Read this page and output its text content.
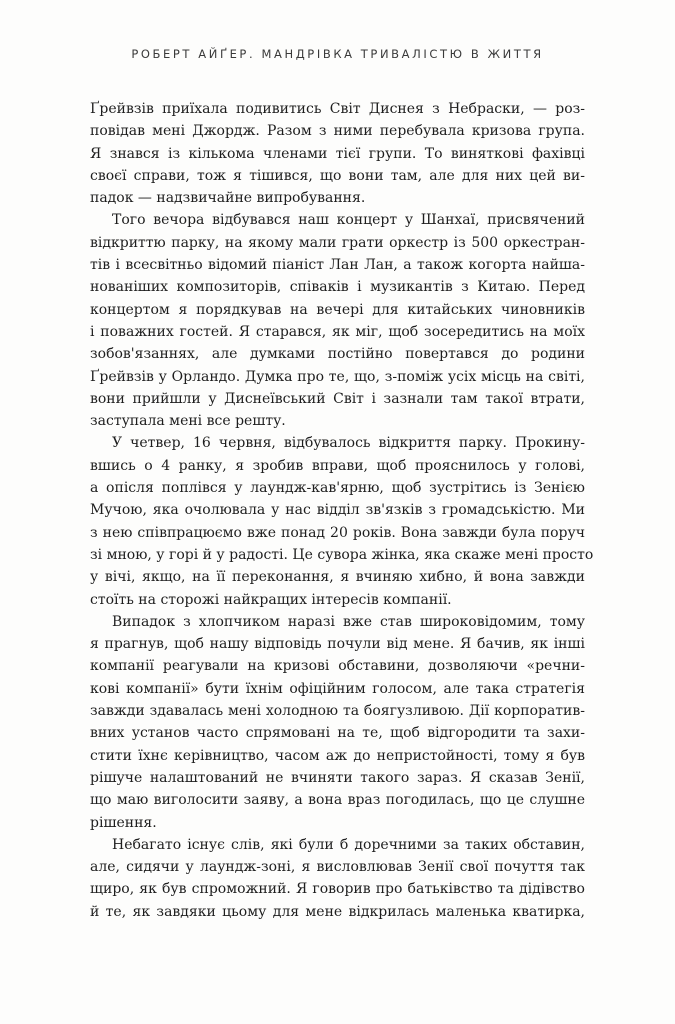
РОБЕРТ АЙҐЕР. МАНДРІВКА ТРИВАЛІСТЮ В ЖИТТЯ
Ґрейвзів приїхала подивитись Світ Диснея з Небраски, — роз-
повідав мені Джордж. Разом з ними перебувала кризова група.
Я знався із кількома членами тієї групи. То виняткові фахівці
своєї справи, тож я тішився, що вони там, але для них цей ви-
падок — надзвичайне випробування.
Того вечора відбувався наш концерт у Шанхаї, присвячений
відкриттю парку, на якому мали грати оркестр із 500 оркестран-
тів і всесвітньо відомий піаніст Лан Лан, а також когорта найша-
нованіших композиторів, співаків і музикантів з Китаю. Перед
концертом я порядкував на вечері для китайських чиновників
і поважних гостей. Я старався, як міг, щоб зосередитись на моїх
зобов'язаннях, але думками постійно повертався до родини
Ґрейвзів у Орландо. Думка про те, що, з-поміж усіх місць на світі,
вони прийшли у Диснеївський Світ і зазнали там такої втрати,
заступала мені все решту.
У четвер, 16 червня, відбувалось відкриття парку. Прокину-
вшись о 4 ранку, я зробив вправи, щоб прояснилось у голові,
а опісля поплівся у лаундж-кав'ярню, щоб зустрітись із Зенією
Мучою, яка очолювала у нас відділ зв'язків з громадськістю. Ми
з нею співпрацюємо вже понад 20 років. Вона завжди була поруч
зі мною, у горі й у радості. Це сувора жінка, яка скаже мені просто
у вічі, якщо, на її переконання, я вчиняю хибно, й вона завжди
стоїть на сторожі найкращих інтересів компанії.
Випадок з хлопчиком наразі вже став широковідомим, тому
я прагнув, щоб нашу відповідь почули від мене. Я бачив, як інші
компанії реагували на кризові обставини, дозволяючи «речни-
кові компанії» бути їхнім офіційним голосом, але така стратегія
завжди здавалась мені холодною та боягузливою. Дії корпоратив-
вних установ часто спрямовані на те, щоб відгородити та захи-
стити їхнє керівництво, часом аж до непристойності, тому я був
рішуче налаштований не вчиняти такого зараз. Я сказав Зенії,
що маю виголосити заяву, а вона враз погодилась, що це слушне
рішення.
Небагато існує слів, які були б доречними за таких обставин,
але, сидячи у лаундж-зоні, я висловлював Зенії свої почуття так
щиро, як був спроможний. Я говорив про батьківство та дідівство
й те, як завдяки цьому для мене відкрилась маленька кватирка,
